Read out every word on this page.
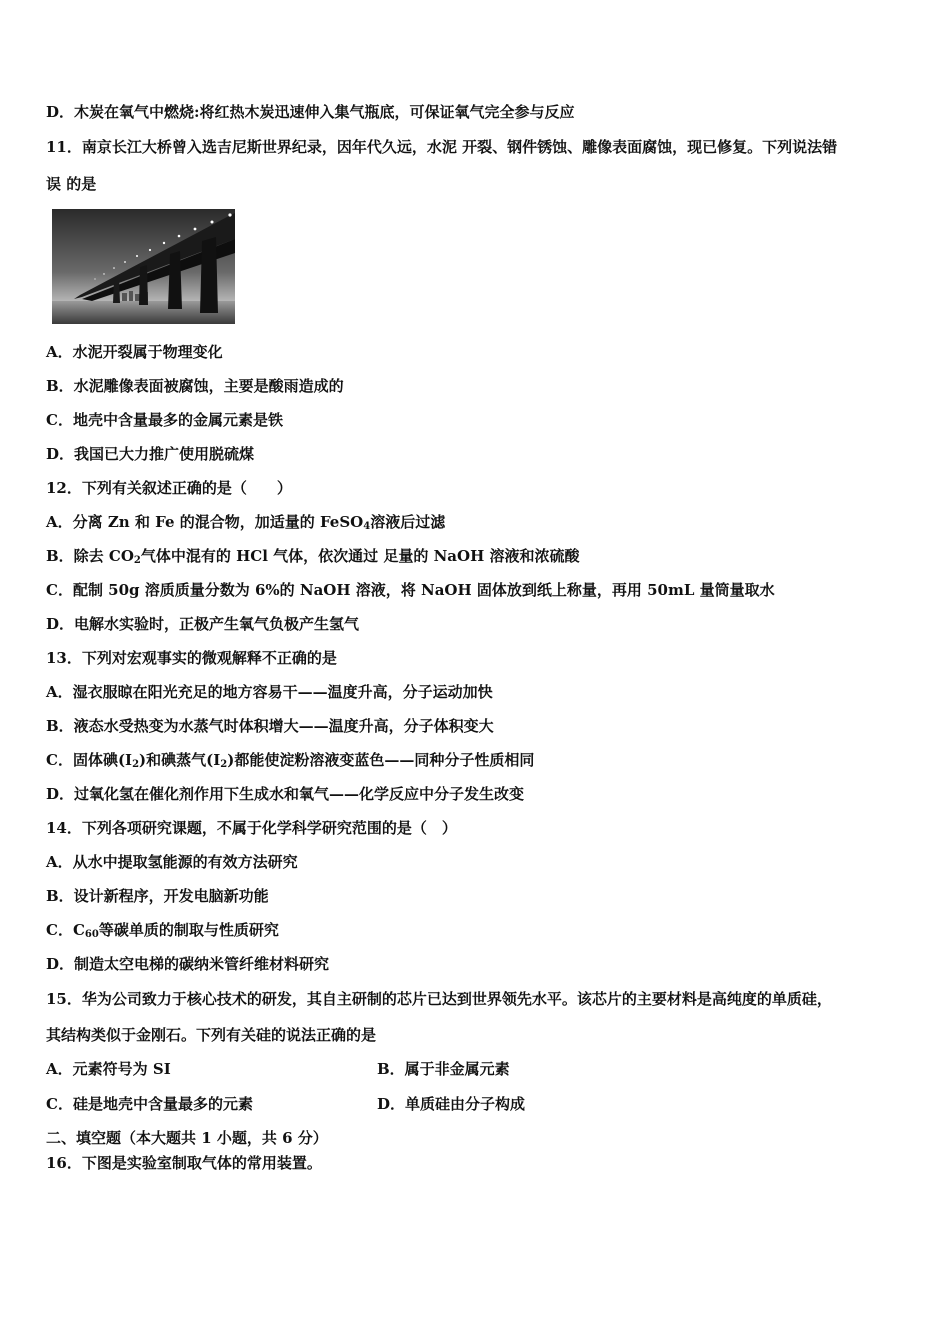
D．木炭在氧气中燃烧:将红热木炭迅速伸入集气瓶底，可保证氧气完全参与反应
11．南京长江大桥曾入选吉尼斯世界纪录，因年代久远，水泥 开裂、钢件锈蚀、雕像表面腐蚀，现已修复。下列说法错
误 的是
A．水泥开裂属于物理变化
B．水泥雕像表面被腐蚀，主要是酸雨造成的
C．地壳中含量最多的金属元素是铁
D．我国已大力推广使用脱硫煤
12．下列有关叙述正确的是（　　）
A．分离 Zn 和 Fe 的混合物，加适量的 FeSO$_4$溶液后过滤
B．除去 $CO_2$气体中混有的 HCl 气体，依次通过 足量的 NaOH 溶液和浓硫酸
C．配制 50g 溶质质量分数为 6%的 NaOH 溶液，将 NaOH 固体放到纸上称量，再用 50mL 量筒量取水
D．电解水实验时，正极产生氧气负极产生氢气
13．下列对宏观事实的微观解释不正确的是
A．湿衣服晾在阳光充足的地方容易干——温度升高，分子运动加快
B．液态水受热变为水蒸气时体积增大——温度升高，分子体积变大
C．固体碘$(I_2)$和碘蒸气$(I_2)$都能使淀粉溶液变蓝色——同种分子性质相同
D．过氧化氢在催化剂作用下生成水和氧气——化学反应中分子发生改变
14．下列各项研究课题，不属于化学科学研究范围的是（　）
A．从水中提取氢能源的有效方法研究
B．设计新程序，开发电脑新功能
C．$C_{60}$等碳单质的制取与性质研究
D．制造太空电梯的碳纳米管纤维材料研究
15．华为公司致力于核心技术的研发，其自主研制的芯片已达到世界领先水平。该芯片的主要材料是高纯度的单质硅，
其结构类似于金刚石。下列有关硅的说法正确的是
A．元素符号为 SI	B．属于非金属元素
C．硅是地壳中含量最多的元素	D．单质硅由分子构成
二、填空题（本大题共 1 小题，共 6 分）
16．下图是实验室制取气体的常用装置。
